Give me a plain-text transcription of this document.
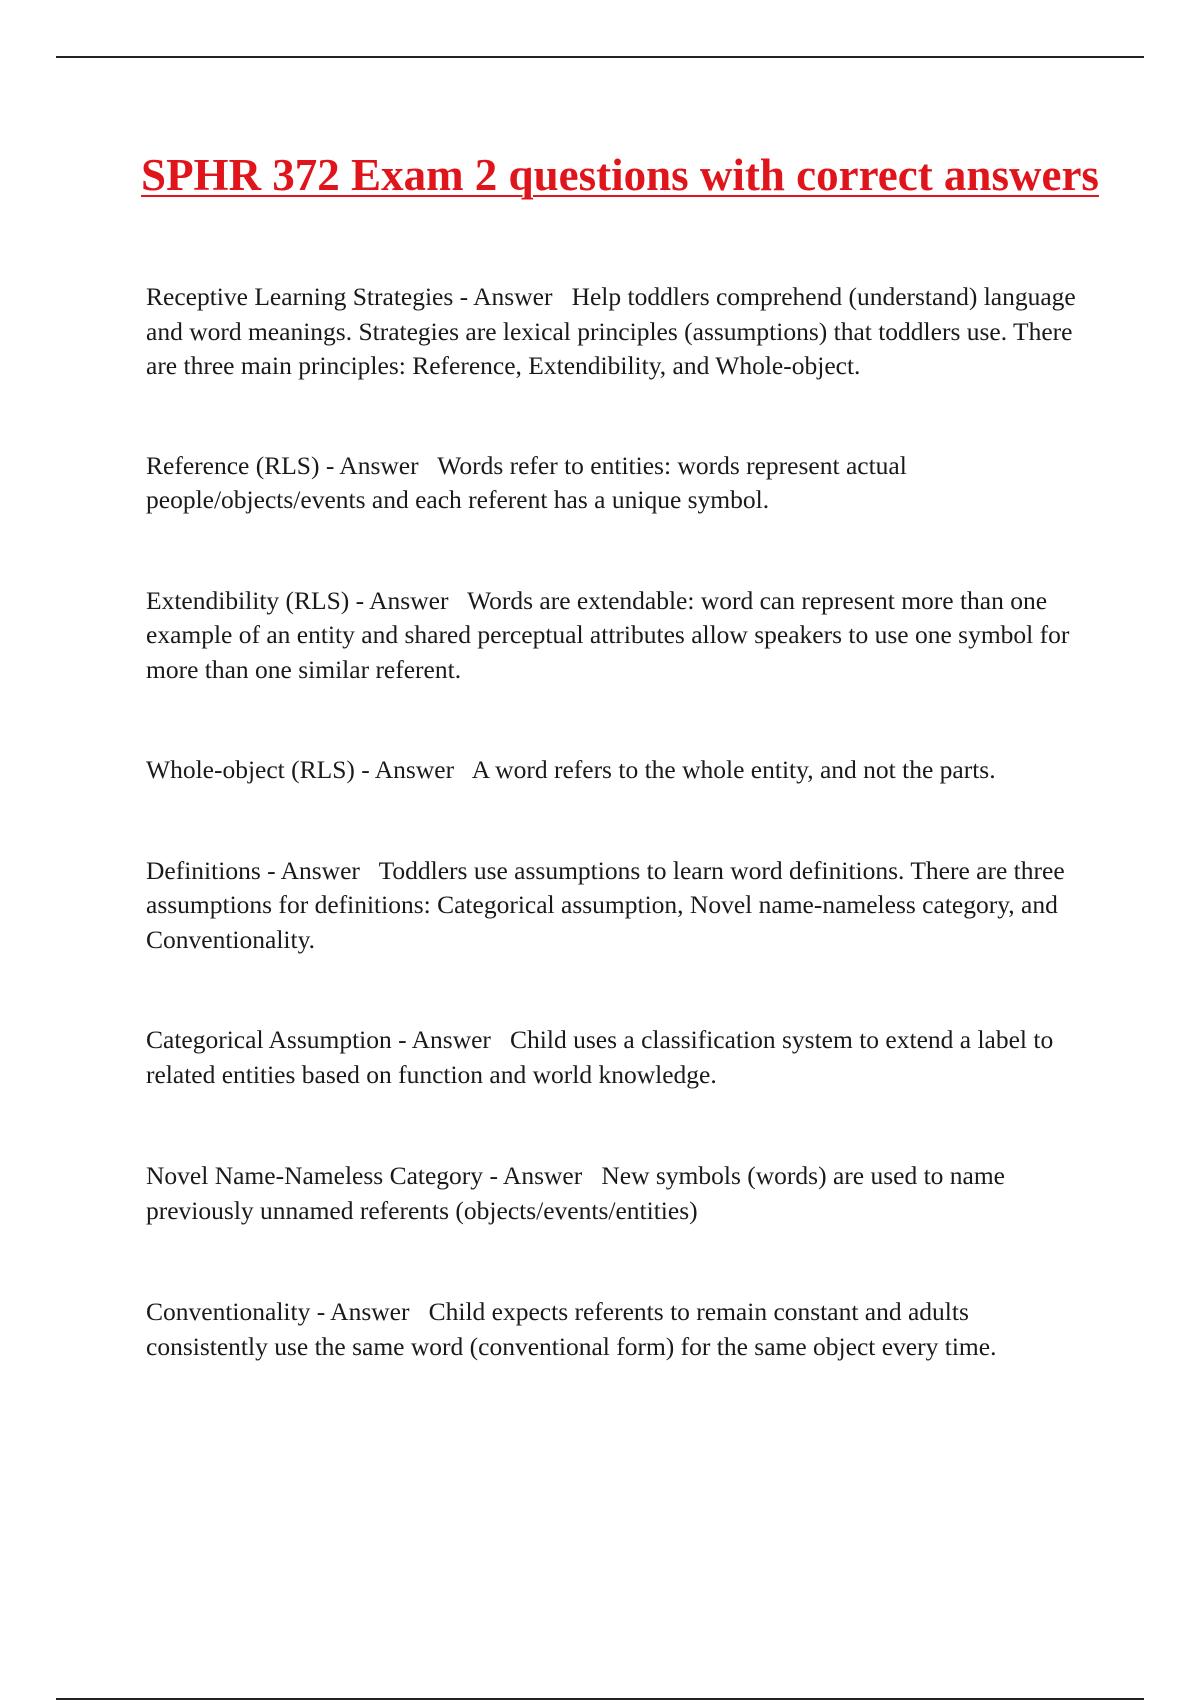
SPHR 372 Exam 2 questions with correct answers

Receptive Learning Strategies - Answer   Help toddlers comprehend (understand) language and word meanings. Strategies are lexical principles (assumptions) that toddlers use. There are three main principles: Reference, Extendibility, and Whole-object.

Reference (RLS) - Answer   Words refer to entities: words represent actual people/objects/events and each referent has a unique symbol.

Extendibility (RLS) - Answer   Words are extendable: word can represent more than one example of an entity and shared perceptual attributes allow speakers to use one symbol for more than one similar referent.

Whole-object (RLS) - Answer   A word refers to the whole entity, and not the parts.

Definitions - Answer   Toddlers use assumptions to learn word definitions. There are three assumptions for definitions: Categorical assumption, Novel name-nameless category, and Conventionality.

Categorical Assumption - Answer   Child uses a classification system to extend a label to related entities based on function and world knowledge.

Novel Name-Nameless Category - Answer   New symbols (words) are used to name previously unnamed referents (objects/events/entities)

Conventionality - Answer   Child expects referents to remain constant and adults consistently use the same word (conventional form) for the same object every time.
